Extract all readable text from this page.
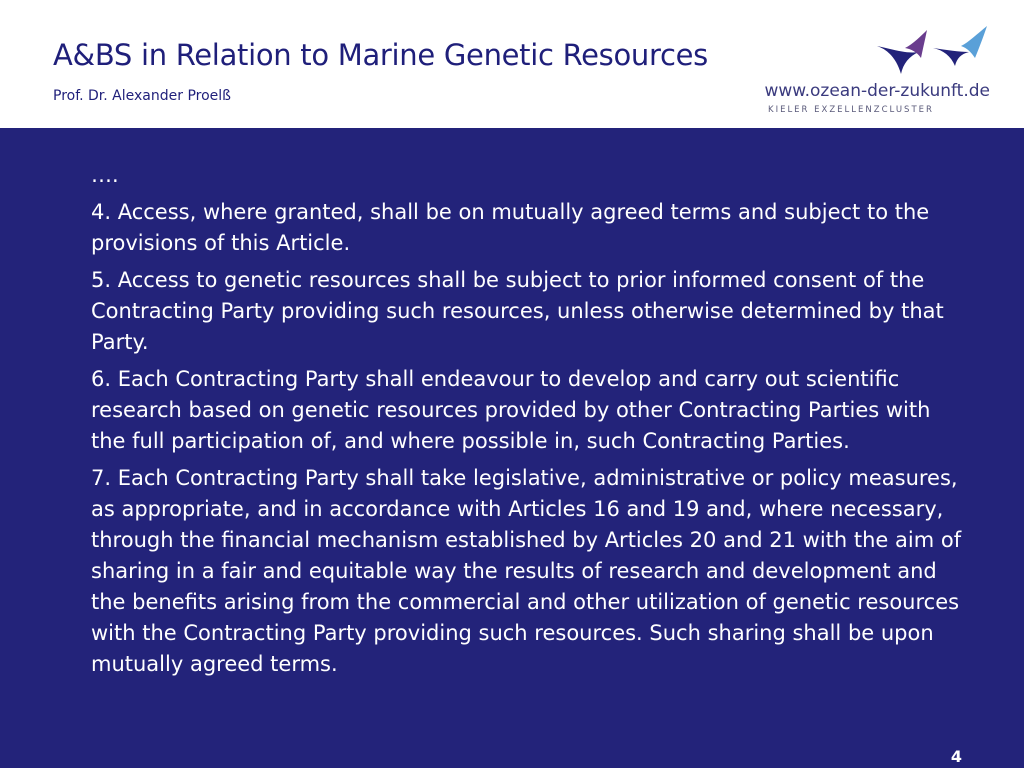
A&BS in Relation to Marine Genetic Resources
Prof. Dr. Alexander Proelß	www.ozean-der-zukunft.de
KIELER EXZELLENZCLUSTER

….

4. Access, where granted, shall be on mutually agreed terms and subject to the provisions of this Article.

5. Access to genetic resources shall be subject to prior informed consent of the Contracting Party providing such resources, unless otherwise determined by that Party.

6. Each Contracting Party shall endeavour to develop and carry out scientific research based on genetic resources provided by other Contracting Parties with the full participation of, and where possible in, such Contracting Parties.

7. Each Contracting Party shall take legislative, administrative or policy measures, as appropriate, and in accordance with Articles 16 and 19 and, where necessary, through the financial mechanism established by Articles 20 and 21 with the aim of sharing in a fair and equitable way the results of research and development and the benefits arising from the commercial and other utilization of genetic resources with the Contracting Party providing such resources. Such sharing shall be upon mutually agreed terms.

4
